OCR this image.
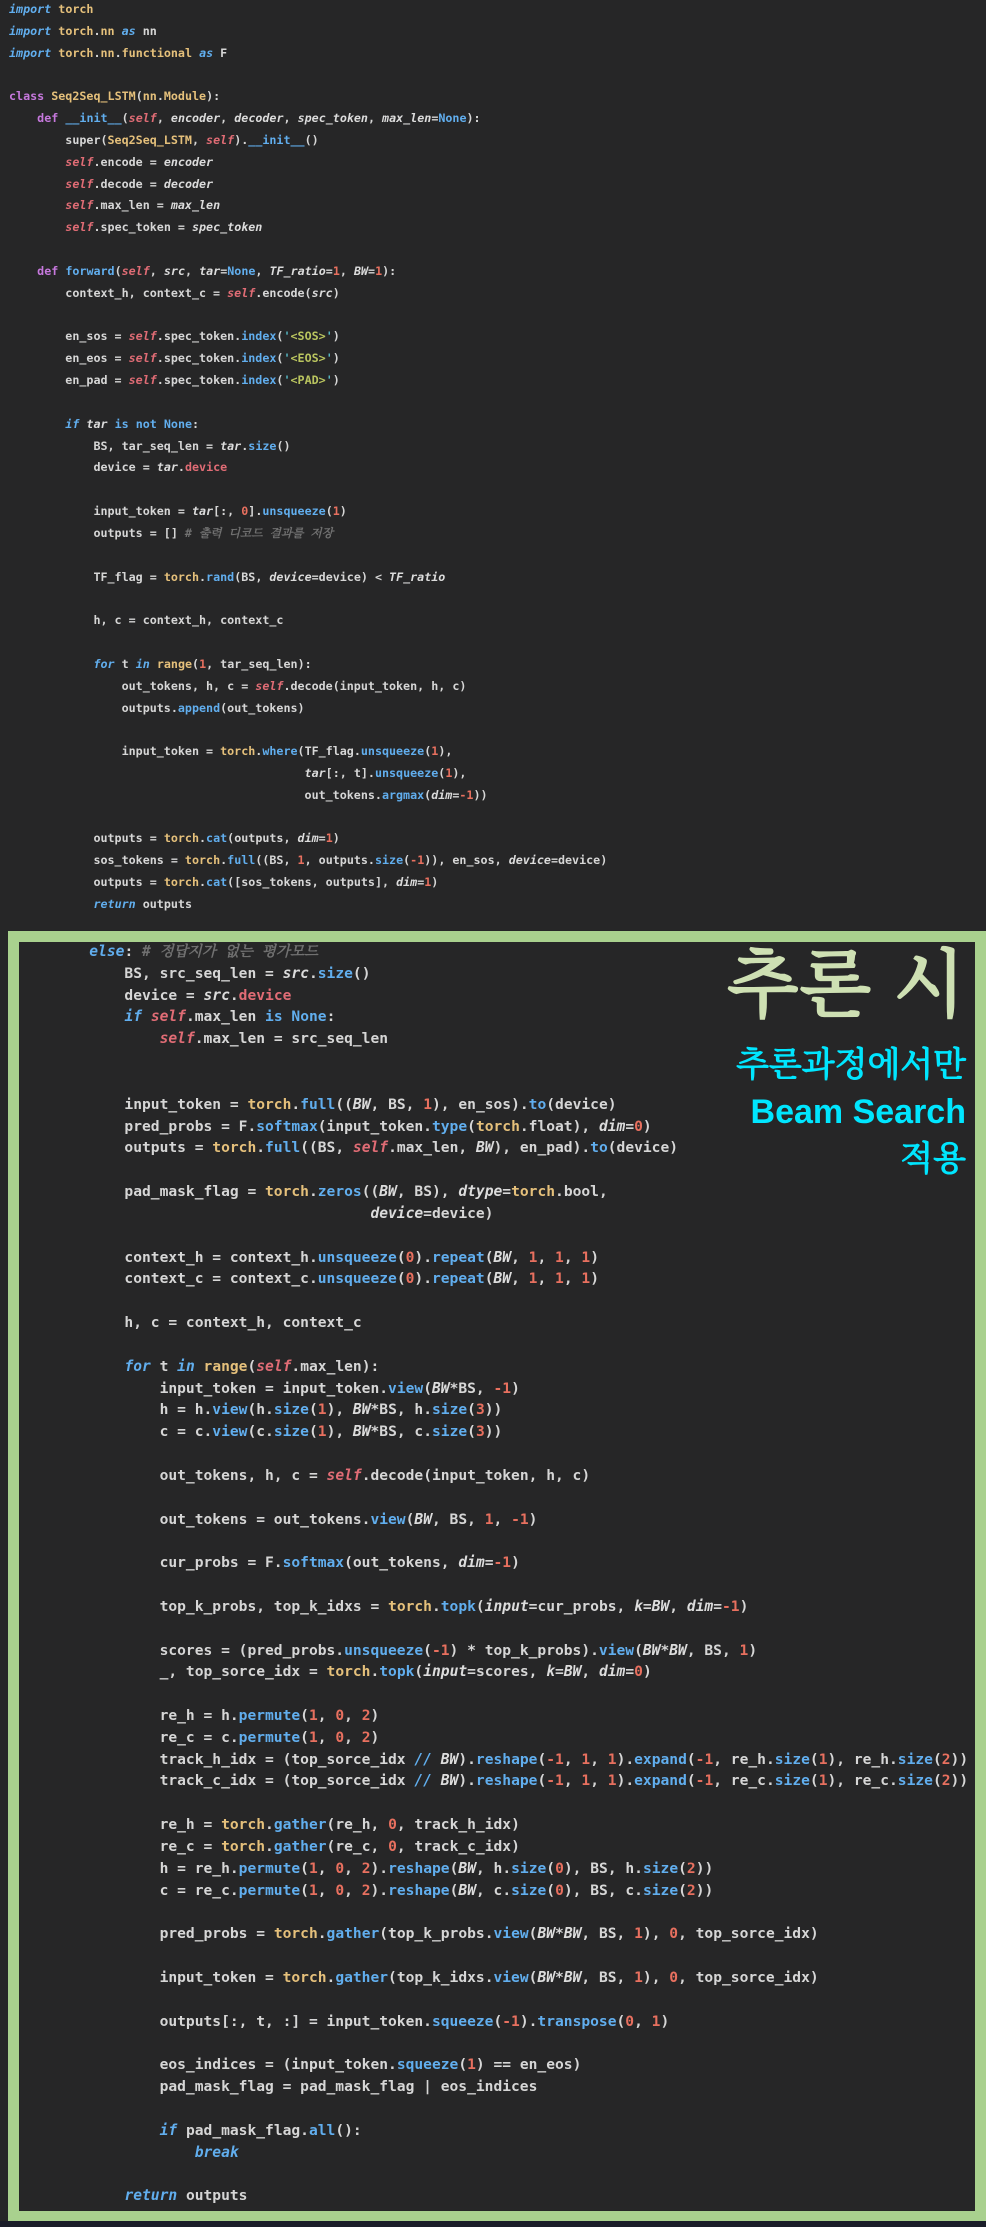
import torch
import torch.nn as nn
import torch.nn.functional as F
class Seq2Seq_LSTM(nn.Module):
def __init__(self, encoder, decoder, spec_token, max_len=None):
super(Seq2Seq_LSTM, self).__init__()
self.encode = encoder
self.decode = decoder
self.max_len = max_len
self.spec_token = spec_token
def forward(self, src, tar=None, TF_ratio=1, BW=1):
context_h, context_c = self.encode(src)
en_sos = self.spec_token.index('<SOS>')
en_eos = self.spec_token.index('<EOS>')
en_pad = self.spec_token.index('<PAD>')
if tar is not None:
BS, tar_seq_len = tar.size()
device = tar.device
input_token = tar[:, 0].unsqueeze(1)
outputs = [] # 출력 디코드 결과를 저장
TF_flag = torch.rand(BS, device=device) < TF_ratio
h, c = context_h, context_c
for t in range(1, tar_seq_len):
out_tokens, h, c = self.decode(input_token, h, c)
outputs.append(out_tokens)
input_token = torch.where(TF_flag.unsqueeze(1),
tar[:, t].unsqueeze(1),
out_tokens.argmax(dim=-1))
outputs = torch.cat(outputs, dim=1)
sos_tokens = torch.full((BS, 1, outputs.size(-1)), en_sos, device=device)
outputs = torch.cat([sos_tokens, outputs], dim=1)
return outputs
else: # 정답지가 없는 평가모드
BS, src_seq_len = src.size()
device = src.device
if self.max_len is None:
self.max_len = src_seq_len
input_token = torch.full((BW, BS, 1), en_sos).to(device)
pred_probs = F.softmax(input_token.type(torch.float), dim=0)
outputs = torch.full((BS, self.max_len, BW), en_pad).to(device)
pad_mask_flag = torch.zeros((BW, BS), dtype=torch.bool,
device=device)
context_h = context_h.unsqueeze(0).repeat(BW, 1, 1, 1)
context_c = context_c.unsqueeze(0).repeat(BW, 1, 1, 1)
h, c = context_h, context_c
for t in range(self.max_len):
input_token = input_token.view(BW*BS, -1)
h = h.view(h.size(1), BW*BS, h.size(3))
c = c.view(c.size(1), BW*BS, c.size(3))
out_tokens, h, c = self.decode(input_token, h, c)
out_tokens = out_tokens.view(BW, BS, 1, -1)
cur_probs = F.softmax(out_tokens, dim=-1)
top_k_probs, top_k_idxs = torch.topk(input=cur_probs, k=BW, dim=-1)
scores = (pred_probs.unsqueeze(-1) * top_k_probs).view(BW*BW, BS, 1)
_, top_sorce_idx = torch.topk(input=scores, k=BW, dim=0)
re_h = h.permute(1, 0, 2)
re_c = c.permute(1, 0, 2)
track_h_idx = (top_sorce_idx // BW).reshape(-1, 1, 1).expand(-1, re_h.size(1), re_h.size(2))
track_c_idx = (top_sorce_idx // BW).reshape(-1, 1, 1).expand(-1, re_c.size(1), re_c.size(2))
re_h = torch.gather(re_h, 0, track_h_idx)
re_c = torch.gather(re_c, 0, track_c_idx)
h = re_h.permute(1, 0, 2).reshape(BW, h.size(0), BS, h.size(2))
c = re_c.permute(1, 0, 2).reshape(BW, c.size(0), BS, c.size(2))
pred_probs = torch.gather(top_k_probs.view(BW*BW, BS, 1), 0, top_sorce_idx)
input_token = torch.gather(top_k_idxs.view(BW*BW, BS, 1), 0, top_sorce_idx)
outputs[:, t, :] = input_token.squeeze(-1).transpose(0, 1)
eos_indices = (input_token.squeeze(1) == en_eos)
pad_mask_flag = pad_mask_flag | eos_indices
if pad_mask_flag.all():
break
return outputs
추론 시
추론과정에서만
Beam Search
적용
